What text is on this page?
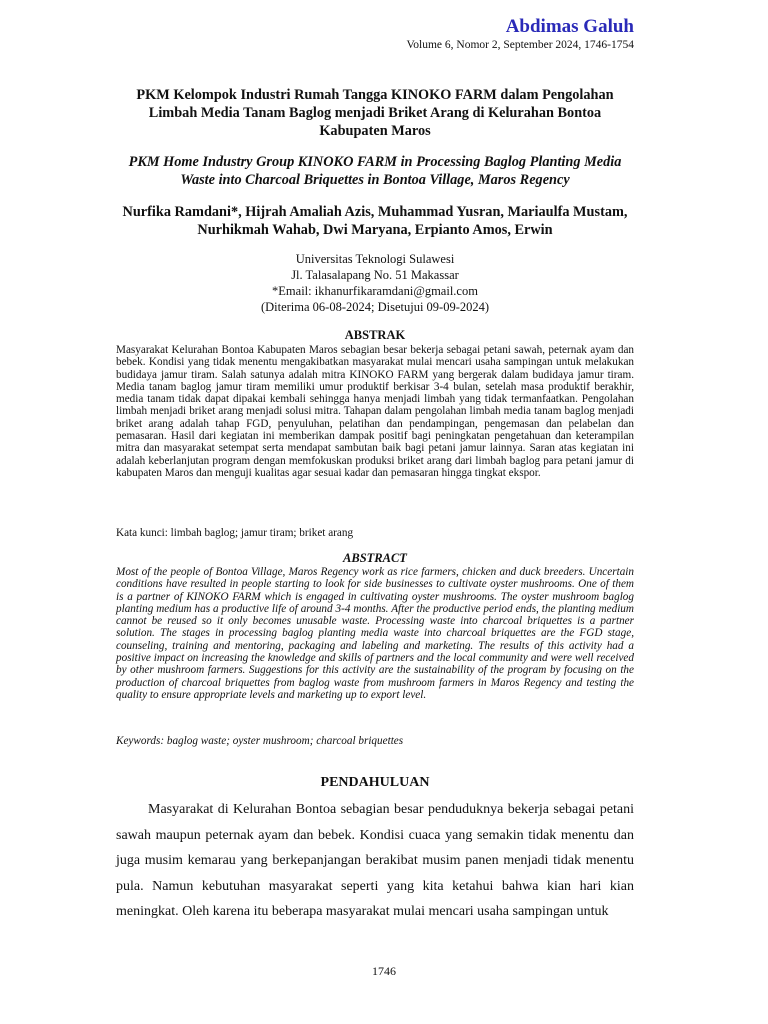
Abdimas Galuh
Volume 6, Nomor 2, September 2024, 1746-1754
PKM Kelompok Industri Rumah Tangga KINOKO FARM dalam Pengolahan Limbah Media Tanam Baglog menjadi Briket Arang di Kelurahan Bontoa Kabupaten Maros
PKM Home Industry Group KINOKO FARM in Processing Baglog Planting Media Waste into Charcoal Briquettes in Bontoa Village, Maros Regency
Nurfika Ramdani*, Hijrah Amaliah Azis, Muhammad Yusran, Mariaulfa Mustam, Nurhikmah Wahab, Dwi Maryana, Erpianto Amos, Erwin
Universitas Teknologi Sulawesi
Jl. Talasalapang No. 51 Makassar
*Email: ikhanurfikaramdani@gmail.com
(Diterima 06-08-2024; Disetujui 09-09-2024)
ABSTRAK

Masyarakat Kelurahan Bontoa Kabupaten Maros sebagian besar bekerja sebagai petani sawah, peternak ayam dan bebek. Kondisi yang tidak menentu mengakibatkan masyarakat mulai mencari usaha sampingan untuk melakukan budidaya jamur tiram. Salah satunya adalah mitra KINOKO FARM yang bergerak dalam budidaya jamur tiram. Media tanam baglog jamur tiram memiliki umur produktif berkisar 3-4 bulan, setelah masa produktif berakhir, media tanam tidak dapat dipakai kembali sehingga hanya menjadi limbah yang tidak termanfaatkan. Pengolahan limbah menjadi briket arang menjadi solusi mitra. Tahapan dalam pengolahan limbah media tanam baglog menjadi briket arang adalah tahap FGD, penyuluhan, pelatihan dan pendampingan, pengemasan dan pelabelan dan pemasaran. Hasil dari kegiatan ini memberikan dampak positif bagi peningkatan pengetahuan dan keterampilan mitra dan masyarakat setempat serta mendapat sambutan baik bagi petani jamur lainnya. Saran atas kegiatan ini adalah keberlanjutan program dengan memfokuskan produksi briket arang dari limbah baglog para petani jamur di kabupaten Maros dan menguji kualitas agar sesuai kadar dan pemasaran hingga tingkat ekspor.

Kata kunci: limbah baglog; jamur tiram; briket arang

ABSTRACT

Most of the people of Bontoa Village, Maros Regency work as rice farmers, chicken and duck breeders. Uncertain conditions have resulted in people starting to look for side businesses to cultivate oyster mushrooms. One of them is a partner of KINOKO FARM which is engaged in cultivating oyster mushrooms. The oyster mushroom baglog planting medium has a productive life of around 3-4 months. After the productive period ends, the planting medium cannot be reused so it only becomes unusable waste. Processing waste into charcoal briquettes is a partner solution. The stages in processing baglog planting media waste into charcoal briquettes are the FGD stage, counseling, training and mentoring, packaging and labeling and marketing. The results of this activity had a positive impact on increasing the knowledge and skills of partners and the local community and were well received by other mushroom farmers. Suggestions for this activity are the sustainability of the program by focusing on the production of charcoal briquettes from baglog waste from mushroom farmers in Maros Regency and testing the quality to ensure appropriate levels and marketing up to export level.

Keywords: baglog waste; oyster mushroom; charcoal briquettes

PENDAHULUAN

Masyarakat di Kelurahan Bontoa sebagian besar penduduknya bekerja sebagai petani sawah maupun peternak ayam dan bebek. Kondisi cuaca yang semakin tidak menentu dan juga musim kemarau yang berkepanjangan berakibat musim panen menjadi tidak menentu pula. Namun kebutuhan masyarakat seperti yang kita ketahui bahwa kian hari kian meningkat. Oleh karena itu beberapa masyarakat mulai mencari usaha sampingan untuk

1746
